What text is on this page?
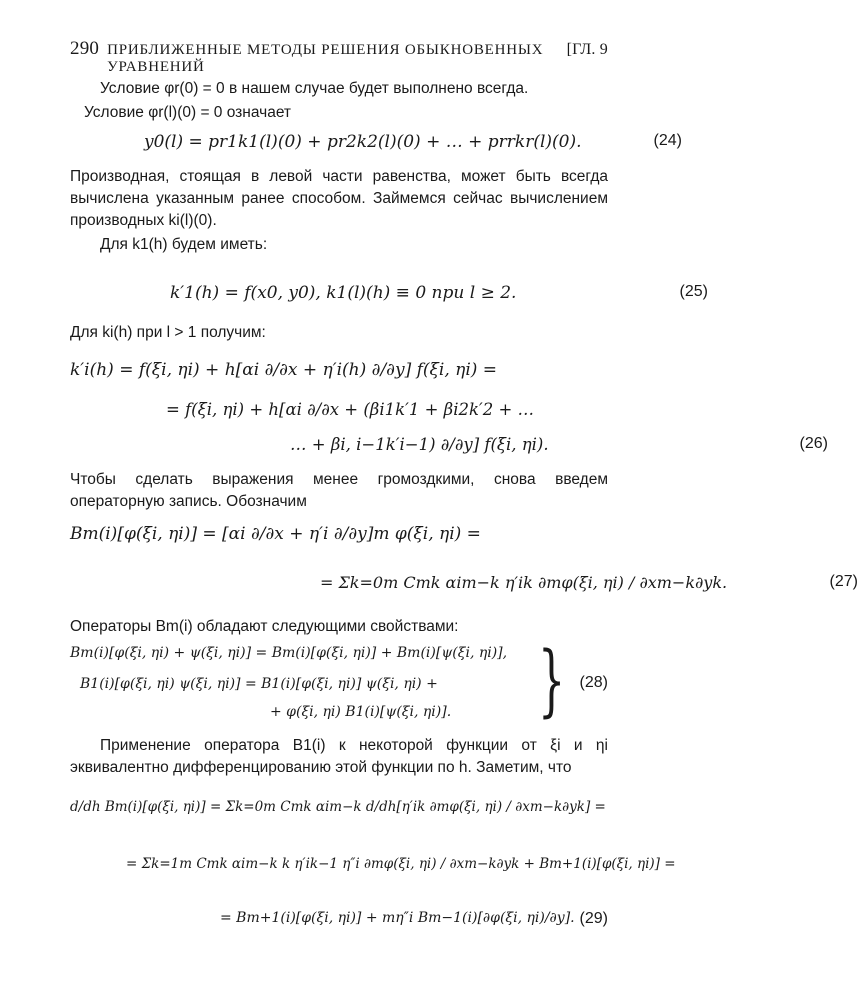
290 ПРИБЛИЖЕННЫЕ МЕТОДЫ РЕШЕНИЯ ОБЫКНОВЕННЫХ УРАВНЕНИЙ
[ГЛ. 9
Условие φr(0) = 0 в нашем случае будет выполнено всегда.
Условие φr(l)(0) = 0 означает
y0(l) = pr1k1(l)(0) + pr2k2(l)(0) + … + prrkr(l)(0).	(24)
Производная, стоящая в левой части равенства, может быть всегда вычислена указанным ранее способом. Займемся сейчас вычислением производных ki(l)(0).
Для k1(h) будем иметь:
k′1(h) = f(x0, y0), k1(l)(h) ≡ 0 при l ≥ 2.	(25)
Для ki(h) при l > 1 получим:
k′i(h) = f(ξi, ηi) + h[αi ∂/∂x + η′i(h) ∂/∂y] f(ξi, ηi) =
= f(ξi, ηi) + h[αi ∂/∂x + (βi1k′1 + βi2k′2 + …
… + βi, i−1k′i−1) ∂/∂y] f(ξi, ηi).	(26)
Чтобы сделать выражения менее громоздкими, снова введем операторную запись. Обозначим
Bm(i)[φ(ξi, ηi)] = [αi ∂/∂x + η′i ∂/∂y]m φ(ξi, ηi) =
= Σk=0m Cmk αim−k η′ik ∂mφ(ξi, ηi) / ∂xm−k∂yk.	(27)
Операторы Bm(i) обладают следующими свойствами:
Bm(i)[φ(ξi, ηi) + ψ(ξi, ηi)] = Bm(i)[φ(ξi, ηi)] + Bm(i)[ψ(ξi, ηi)],
B1(i)[φ(ξi, ηi) ψ(ξi, ηi)] = B1(i)[φ(ξi, ηi)] ψ(ξi, ηi) +
+ φ(ξi, ηi) B1(i)[ψ(ξi, ηi)].	} (28)
Применение оператора B1(i) к некоторой функции от ξi и ηi эквивалентно дифференцированию этой функции по h. Заметим, что
d/dh Bm(i)[φ(ξi, ηi)] = Σk=0m Cmk αim−k d/dh[η′ik ∂mφ(ξi, ηi) / ∂xm−k∂yk] =
= Σk=1m Cmk αim−k k η′ik−1 η″i ∂mφ(ξi, ηi) / ∂xm−k∂yk + Bm+1(i)[φ(ξi, ηi)] =
= Bm+1(i)[φ(ξi, ηi)] + mη″i Bm−1(i)[∂φ(ξi, ηi)/∂y]. (29)
